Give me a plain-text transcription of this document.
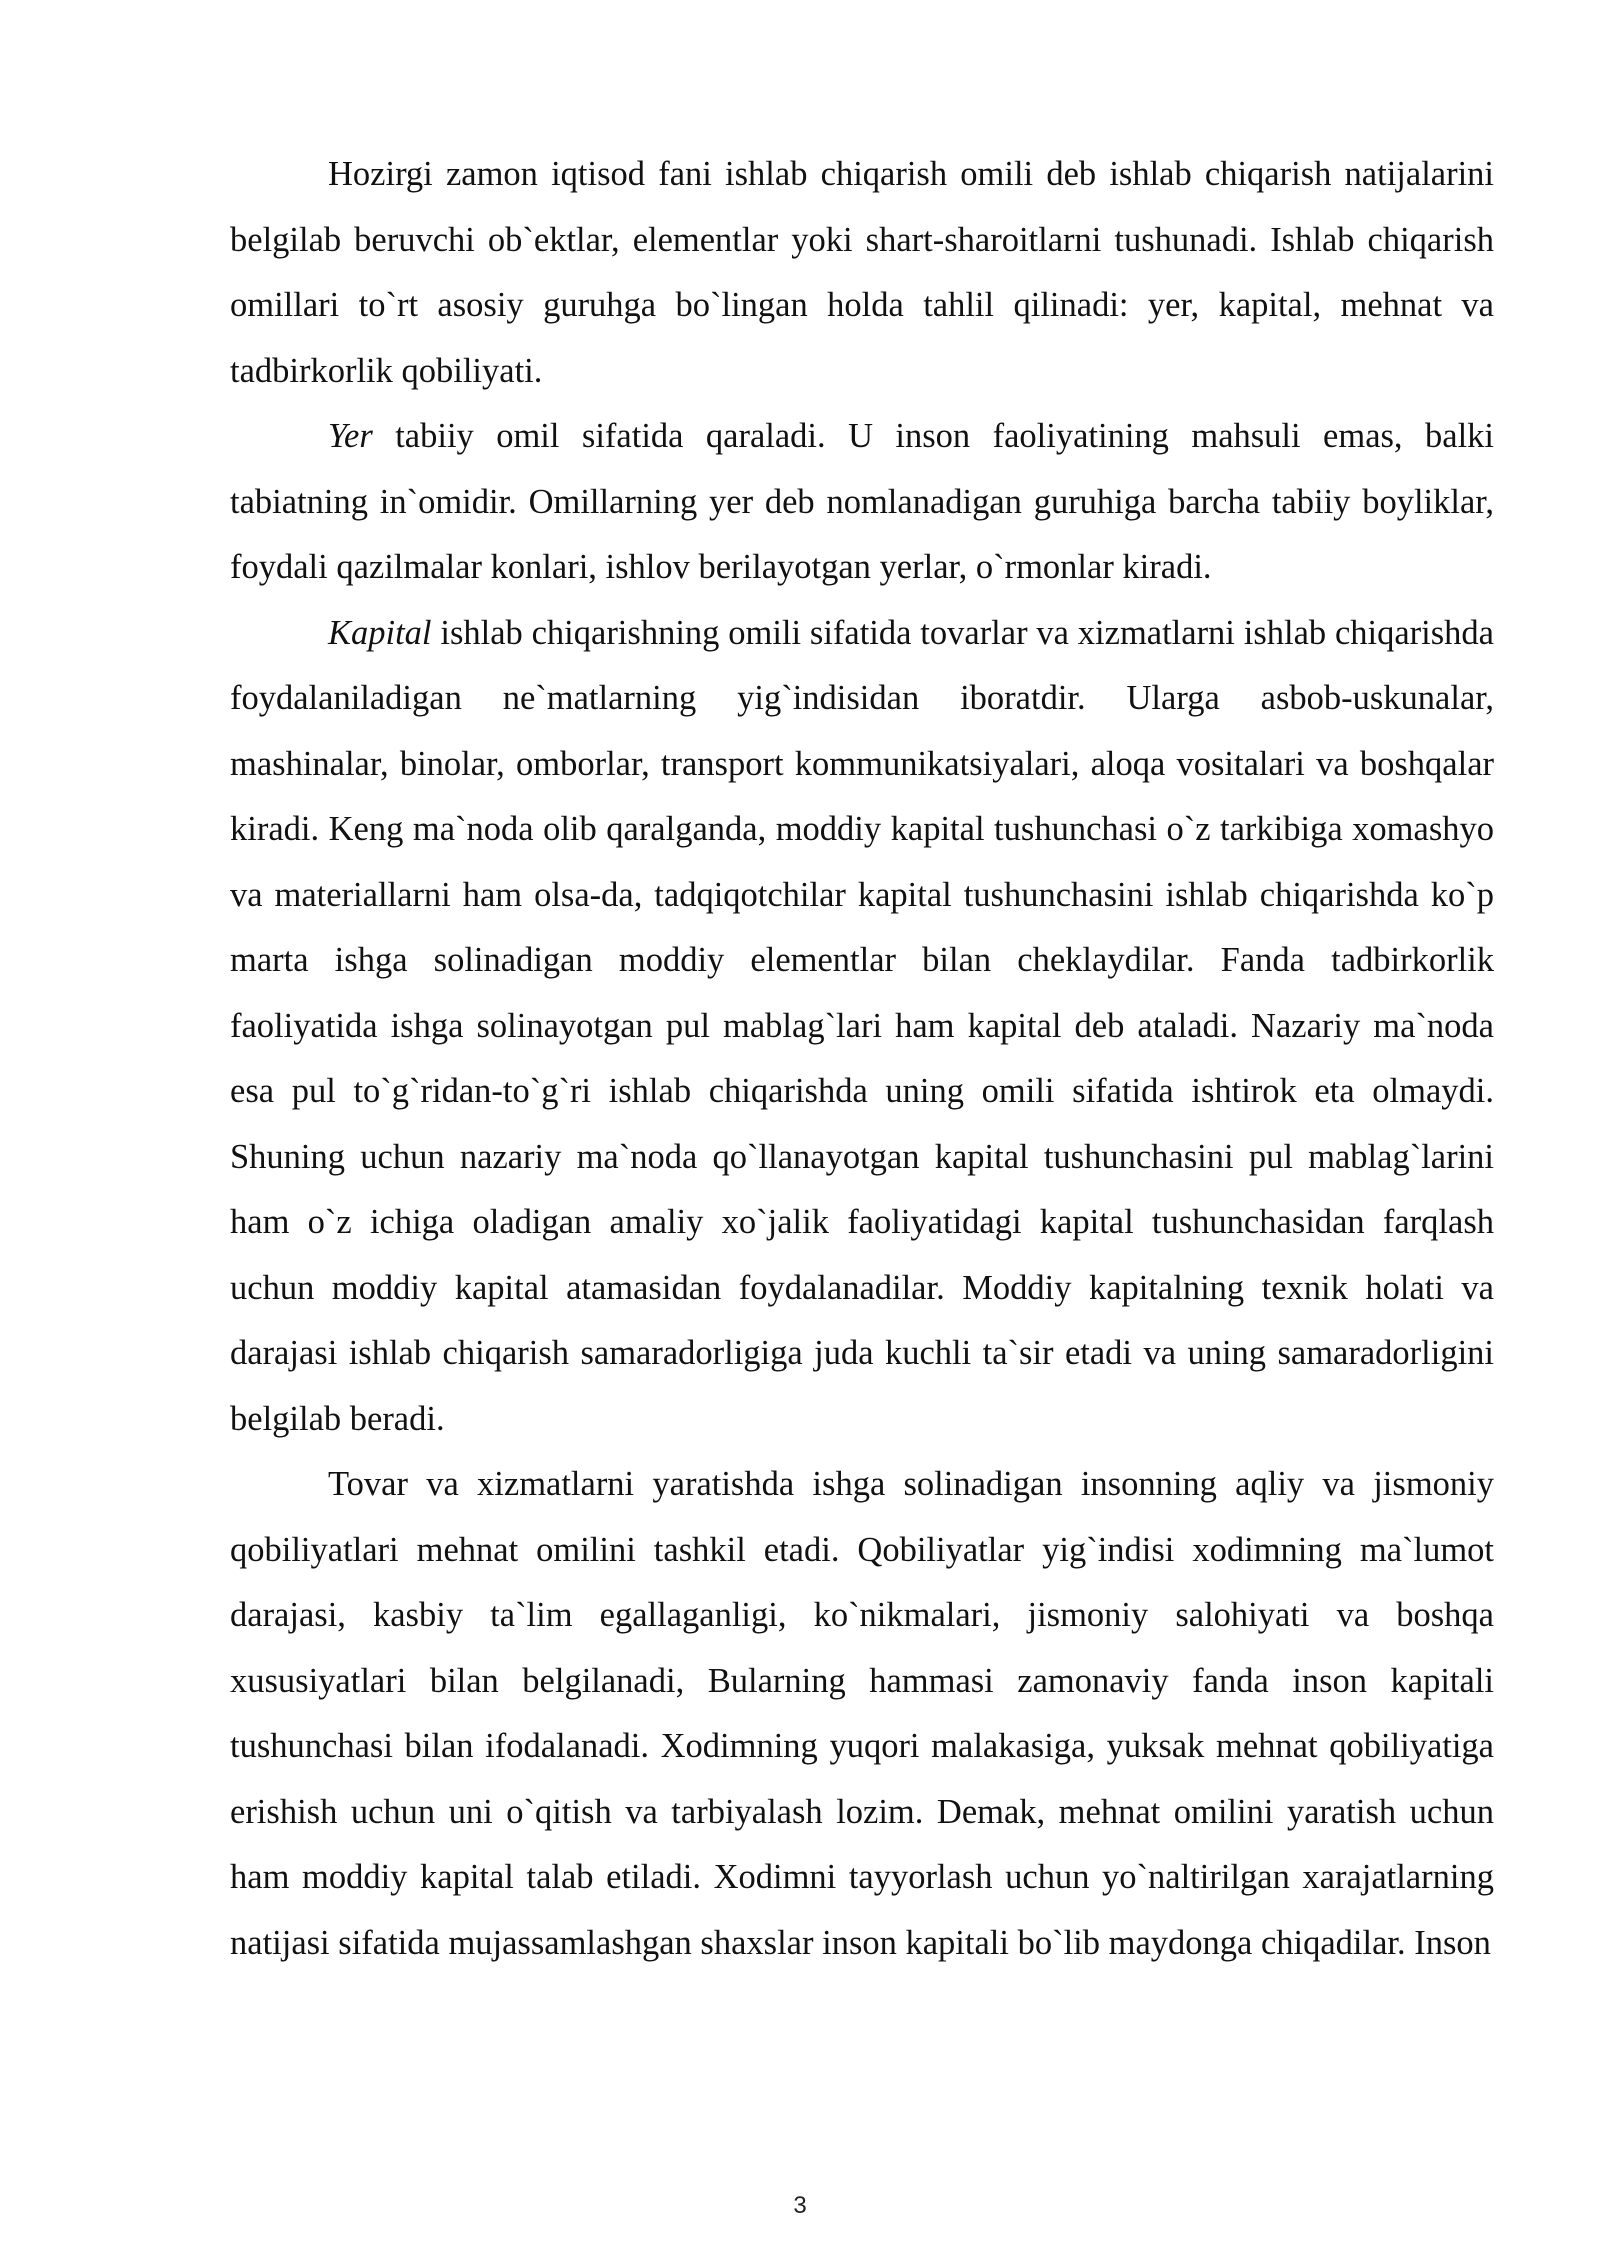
Hozirgi zamon iqtisod fani ishlab chiqarish omili deb ishlab chiqarish natijalarini belgilab beruvchi ob`ektlar, elementlar yoki shart-sharoitlarni tushunadi. Ishlab chiqarish omillari to`rt asosiy guruhga bo`lingan holda tahlil qilinadi: yer, kapital, mehnat va tadbirkorlik qobiliyati.

Yer tabiiy omil sifatida qaraladi. U inson faoliyatining mahsuli emas, balki tabiatning in`omidir. Omillarning yer deb nomlanadigan guruhiga barcha tabiiy boyliklar, foydali qazilmalar konlari, ishlov berilayotgan yerlar, o`rmonlar kiradi.

Kapital ishlab chiqarishning omili sifatida tovarlar va xizmatlarni ishlab chiqarishda foydalaniladigan ne`matlarning yig`indisidan iboratdir. Ularga asbob-uskunalar, mashinalar, binolar, omborlar, transport kommunikatsiyalari, aloqa vositalari va boshqalar kiradi. Keng ma`noda olib qaralganda, moddiy kapital tushunchasi o`z tarkibiga xomashyo va materiallarni ham olsa-da, tadqiqotchilar kapital tushunchasini ishlab chiqarishda ko`p marta ishga solinadigan moddiy elementlar bilan cheklaydilar. Fanda tadbirkorlik faoliyatida ishga solinayotgan pul mablag`lari ham kapital deb ataladi. Nazariy ma`noda esa pul to`g`ridan-to`g`ri ishlab chiqarishda uning omili sifatida ishtirok eta olmaydi. Shuning uchun nazariy ma`noda qo`llanayotgan kapital tushunchasini pul mablag`larini ham o`z ichiga oladigan amaliy xo`jalik faoliyatidagi kapital tushunchasidan farqlash uchun moddiy kapital atamasidan foydalanadilar. Moddiy kapitalning texnik holati va darajasi ishlab chiqarish samaradorligiga juda kuchli ta`sir etadi va uning samaradorligini belgilab beradi.

Tovar va xizmatlarni yaratishda ishga solinadigan insonning aqliy va jismoniy qobiliyatlari mehnat omilini tashkil etadi. Qobiliyatlar yig`indisi xodimning ma`lumot darajasi, kasbiy ta`lim egallaganligi, ko`nikmalari, jismoniy salohiyati va boshqa xususiyatlari bilan belgilanadi, Bularning hammasi zamonaviy fanda inson kapitali tushunchasi bilan ifodalanadi. Xodimning yuqori malakasiga, yuksak mehnat qobiliyatiga erishish uchun uni o`qitish va tarbiyalash lozim. Demak, mehnat omilini yaratish uchun ham moddiy kapital talab etiladi. Xodimni tayyorlash uchun yo`naltirilgan xarajatlarning natijasi sifatida mujassamlashgan shaxslar inson kapitali bo`lib maydonga chiqadilar. Inson

3
